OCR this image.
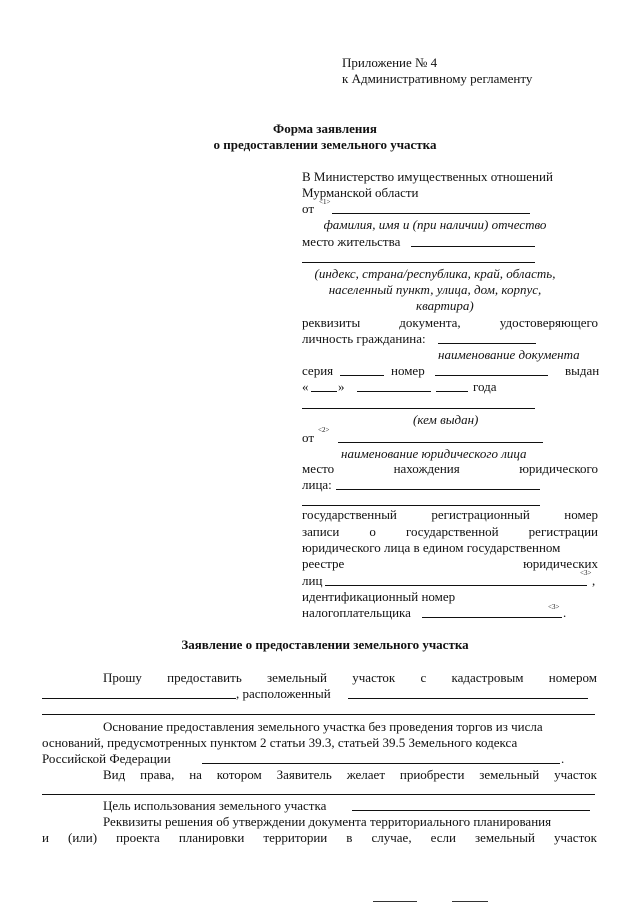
Приложение № 4
к Административному регламенту
Форма заявления
о предоставлении земельного участка
В Министерство имущественных отношений
Мурманской области
от <1>
фамилия, имя и (при наличии) отчество
место жительства
(индекс, страна/республика, край, область,
населенный пункт, улица, дом, корпус,
квартира)
реквизиты	документа,	удостоверяющего
личность гражданина:
наименование документа
серия	номер	выдан
« »	года
(кем выдан)
от <2>
наименование юридического лица
место	нахождения	юридического
лица:
государственный	регистрационный	номер
записи о государственной регистрации
юридического лица в едином государственном
реестре	юридических
лиц	<3> ,
идентификационный номер
налогоплательщика	<3> .
Заявление о предоставлении земельного участка
Прошу предоставить земельный участок с кадастровым номером
, расположенный
Основание предоставления земельного участка без проведения торгов из числа
оснований, предусмотренных пунктом 2 статьи 39.3, статьей 39.5 Земельного кодекса
Российской Федерации	.
Вид права, на котором Заявитель желает приобрести земельный участок
Цель использования земельного участка
Реквизиты решения об утверждении документа территориального планирования
и (или) проекта планировки территории в случае, если земельный участок
